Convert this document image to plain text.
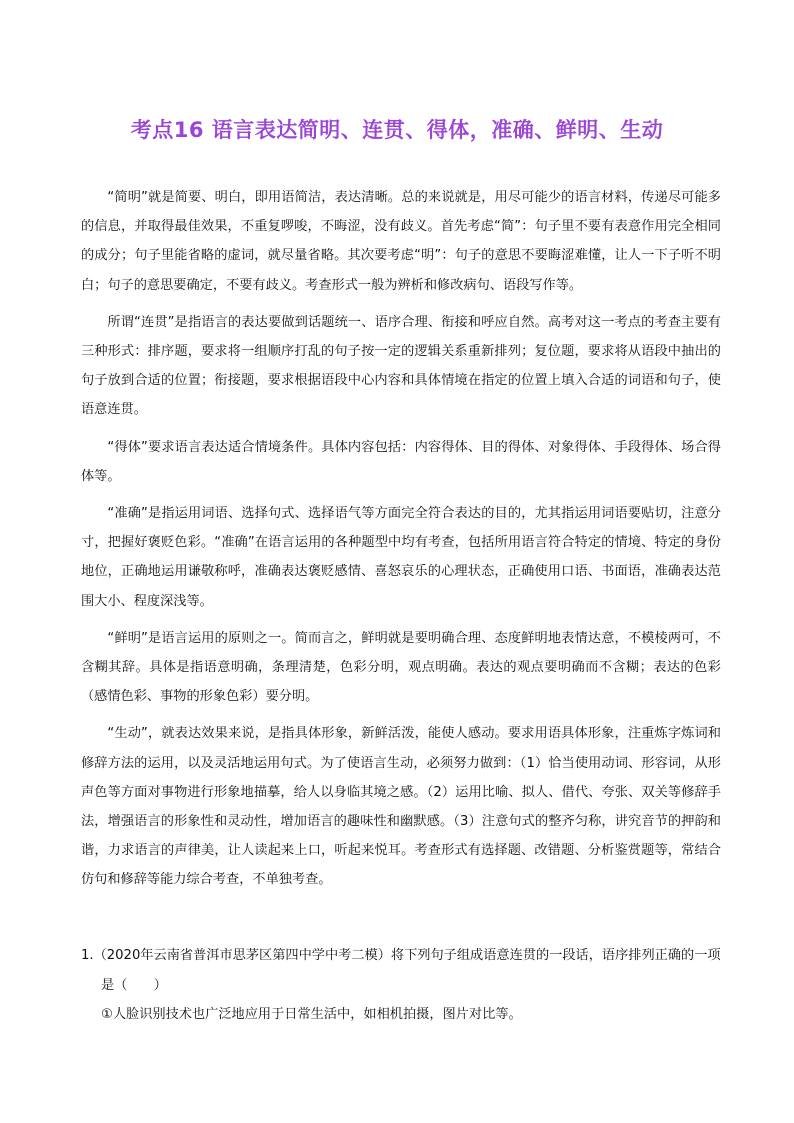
考点16 语言表达简明、连贯、得体，准确、鲜明、生动

“简明”就是简要、明白，即用语简洁，表达清晰。总的来说就是，用尽可能少的语言材料，传递尽可能多的信息，并取得最佳效果，不重复啰唆，不晦涩，没有歧义。首先考虑“简”：句子里不要有表意作用完全相同的成分；句子里能省略的虚词，就尽量省略。其次要考虑“明”：句子的意思不要晦涩难懂，让人一下子听不明白；句子的意思要确定，不要有歧义。考查形式一般为辨析和修改病句、语段写作等。

所谓“连贯”是指语言的表达要做到话题统一、语序合理、衔接和呼应自然。高考对这一考点的考查主要有三种形式：排序题，要求将一组顺序打乱的句子按一定的逻辑关系重新排列；复位题，要求将从语段中抽出的句子放到合适的位置；衔接题，要求根据语段中心内容和具体情境在指定的位置上填入合适的词语和句子，使语意连贯。

“得体”要求语言表达适合情境条件。具体内容包括：内容得体、目的得体、对象得体、手段得体、场合得体等。

“准确”是指运用词语、选择句式、选择语气等方面完全符合表达的目的，尤其指运用词语要贴切，注意分寸，把握好褒贬色彩。“准确”在语言运用的各种题型中均有考查，包括所用语言符合特定的情境、特定的身份地位，正确地运用谦敬称呼，准确表达褒贬感情、喜怒哀乐的心理状态，正确使用口语、书面语，准确表达范围大小、程度深浅等。

“鲜明”是语言运用的原则之一。简而言之，鲜明就是要明确合理、态度鲜明地表情达意，不模棱两可，不含糊其辞。具体是指语意明确，条理清楚，色彩分明，观点明确。表达的观点要明确而不含糊；表达的色彩（感情色彩、事物的形象色彩）要分明。

“生动”，就表达效果来说，是指具体形象，新鲜活泼，能使人感动。要求用语具体形象，注重炼字炼词和修辞方法的运用，以及灵活地运用句式。为了使语言生动，必须努力做到：（1）恰当使用动词、形容词，从形声色等方面对事物进行形象地描摹，给人以身临其境之感。（2）运用比喻、拟人、借代、夸张、双关等修辞手法，增强语言的形象性和灵动性，增加语言的趣味性和幽默感。（3）注意句式的整齐匀称，讲究音节的押韵和谐，力求语言的声律美，让人读起来上口，听起来悦耳。考查形式有选择题、改错题、分析鉴赏题等，常结合仿句和修辞等能力综合考查，不单独考查。

1.（2020年云南省普洱市思茅区第四中学中考二模）将下列句子组成语意连贯的一段话，语序排列正确的一项是（　　）

①人脸识别技术也广泛地应用于日常生活中，如相机拍摄，图片对比等。
